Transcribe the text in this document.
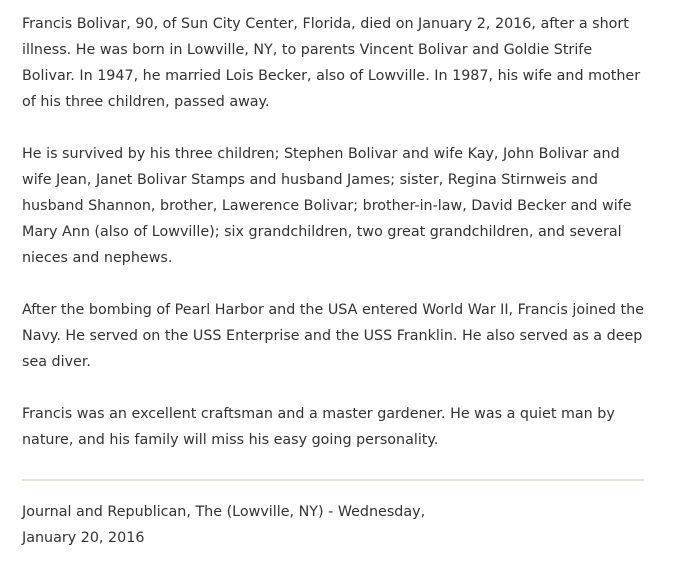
Francis Bolivar, 90, of Sun City Center, Florida, died on January 2, 2016, after a short
illness. He was born in Lowville, NY, to parents Vincent Bolivar and Goldie Strife
Bolivar. In 1947, he married Lois Becker, also of Lowville. In 1987, his wife and mother
of his three children, passed away.

He is survived by his three children; Stephen Bolivar and wife Kay, John Bolivar and
wife Jean, Janet Bolivar Stamps and husband James; sister, Regina Stirnweis and
husband Shannon, brother, Lawerence Bolivar; brother-in-law, David Becker and wife
Mary Ann (also of Lowville); six grandchildren, two great grandchildren, and several
nieces and nephews.

After the bombing of Pearl Harbor and the USA entered World War II, Francis joined the
Navy. He served on the USS Enterprise and the USS Franklin. He also served as a deep
sea diver.

Francis was an excellent craftsman and a master gardener. He was a quiet man by
nature, and his family will miss his easy going personality.

Journal and Republican, The (Lowville, NY) - Wednesday,
January 20, 2016
